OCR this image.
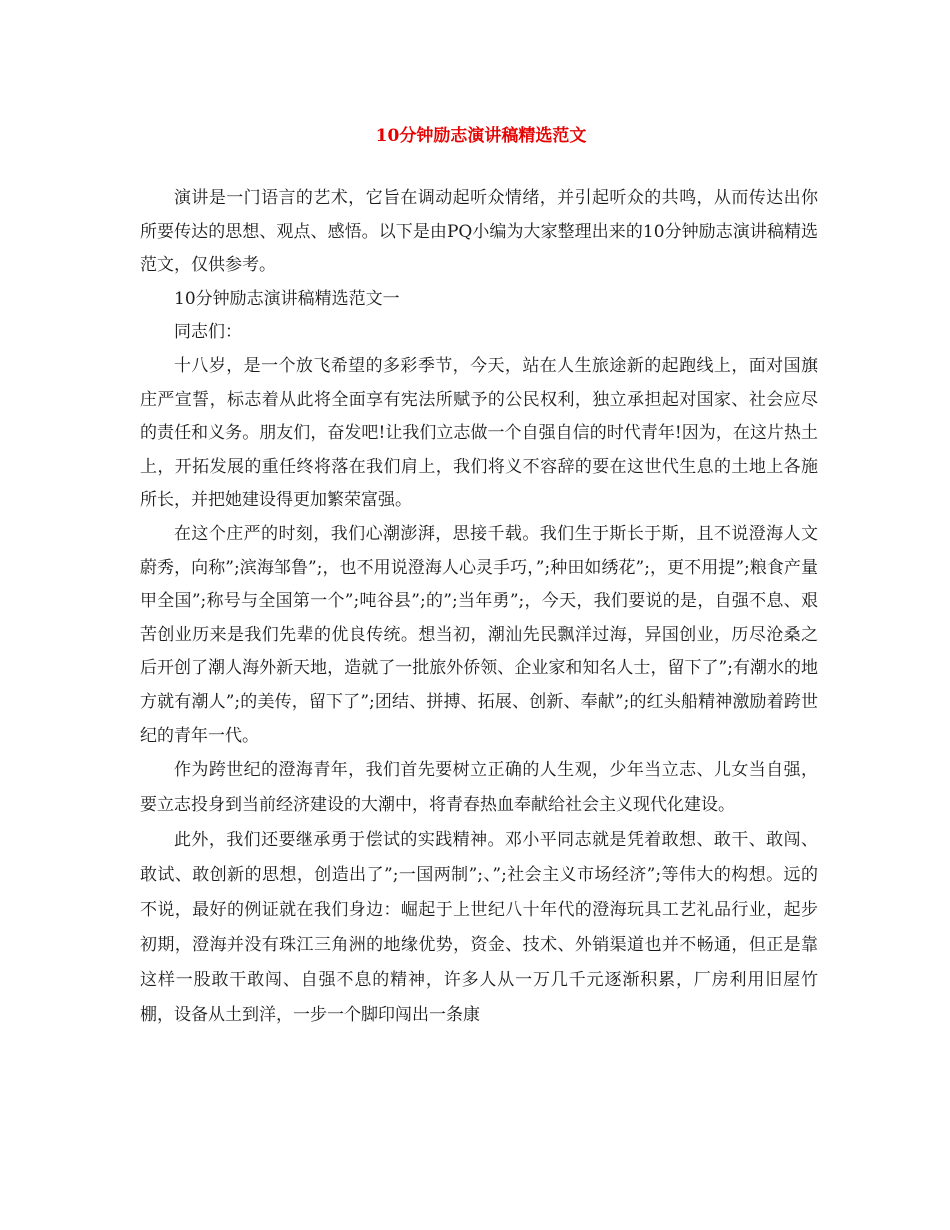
10分钟励志演讲稿精选范文

演讲是一门语言的艺术，它旨在调动起听众情绪，并引起听众的共鸣，从而传达出你所要传达的思想、观点、感悟。以下是由PQ小编为大家整理出来的10分钟励志演讲稿精选范文，仅供参考。

10分钟励志演讲稿精选范文一

同志们：

十八岁，是一个放飞希望的多彩季节，今天，站在人生旅途新的起跑线上，面对国旗庄严宣誓，标志着从此将全面享有宪法所赋予的公民权利，独立承担起对国家、社会应尽的责任和义务。朋友们，奋发吧!让我们立志做一个自强自信的时代青年!因为，在这片热土上，开拓发展的重任终将落在我们肩上，我们将义不容辞的要在这世代生息的土地上各施所长，并把她建设得更加繁荣富强。

在这个庄严的时刻，我们心潮澎湃，思接千载。我们生于斯长于斯，且不说澄海人文蔚秀，向称”;滨海邹鲁”;，也不用说澄海人心灵手巧，”;种田如绣花”;，更不用提”;粮食产量甲全国”;称号与全国第一个”;吨谷县”;的”;当年勇”;，今天，我们要说的是，自强不息、艰苦创业历来是我们先辈的优良传统。想当初，潮汕先民飘洋过海，异国创业，历尽沧桑之后开创了潮人海外新天地，造就了一批旅外侨领、企业家和知名人士，留下了”;有潮水的地方就有潮人”;的美传，留下了”;团结、拼搏、拓展、创新、奉献”;的红头船精神激励着跨世纪的青年一代。

作为跨世纪的澄海青年，我们首先要树立正确的人生观，少年当立志、儿女当自强，要立志投身到当前经济建设的大潮中，将青春热血奉献给社会主义现代化建设。

此外，我们还要继承勇于偿试的实践精神。邓小平同志就是凭着敢想、敢干、敢闯、敢试、敢创新的思想，创造出了”;一国两制”;、”;社会主义市场经济”;等伟大的构想。远的不说，最好的例证就在我们身边：崛起于上世纪八十年代的澄海玩具工艺礼品行业，起步初期，澄海并没有珠江三角洲的地缘优势，资金、技术、外销渠道也并不畅通，但正是靠这样一股敢干敢闯、自强不息的精神，许多人从一万几千元逐渐积累，厂房利用旧屋竹棚，设备从土到洋，一步一个脚印闯出一条康
